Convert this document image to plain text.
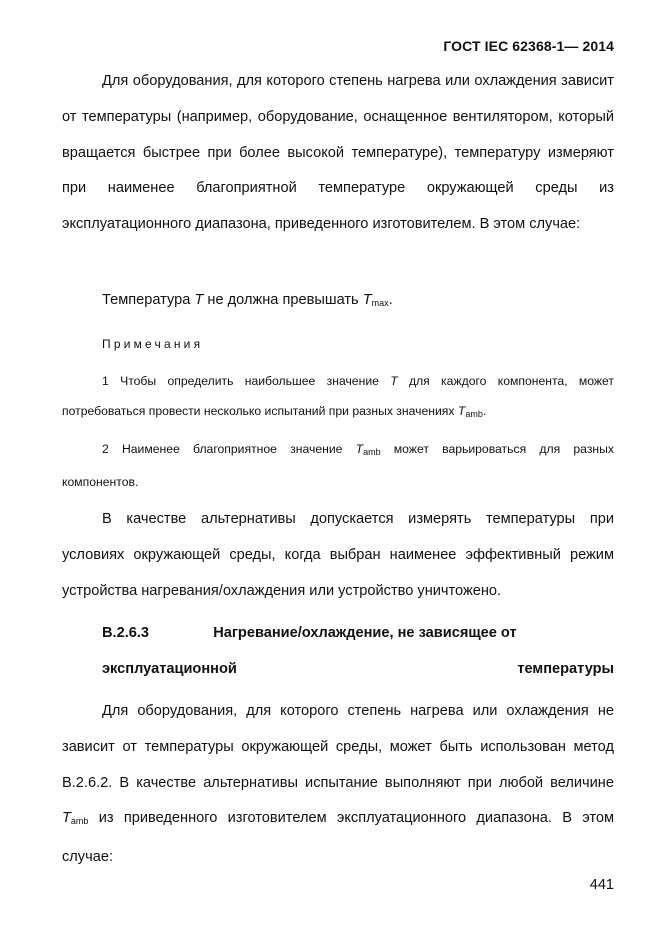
ГОСТ IEC 62368-1— 2014
Для оборудования, для которого степень нагрева или охлаждения зависит от температуры (например, оборудование, оснащенное вентилятором, который вращается быстрее при более высокой температуре), температуру измеряют при наименее благоприятной температуре окружающей среды из эксплуатационного диапазона, приведенного изготовителем. В этом случае:
Температура T не должна превышать $T_{max}$.
Примечания
1 Чтобы определить наибольшее значение T для каждого компонента, может потребоваться провести несколько испытаний при разных значениях $T_{amb}$.
2 Наименее благоприятное значение $T_{amb}$ может варьироваться для разных компонентов.
В качестве альтернативы допускается измерять температуры при условиях окружающей среды, когда выбран наименее эффективный режим устройства нагревания/охлаждения или устройство уничтожено.
B.2.6.3	Нагревание/охлаждение, не зависящее от эксплуатационной температуры
Для оборудования, для которого степень нагрева или охлаждения не зависит от температуры окружающей среды, может быть использован метод B.2.6.2. В качестве альтернативы испытание выполняют при любой величине $T_{amb}$ из приведенного изготовителем эксплуатационного диапазона. В этом случае:
441
